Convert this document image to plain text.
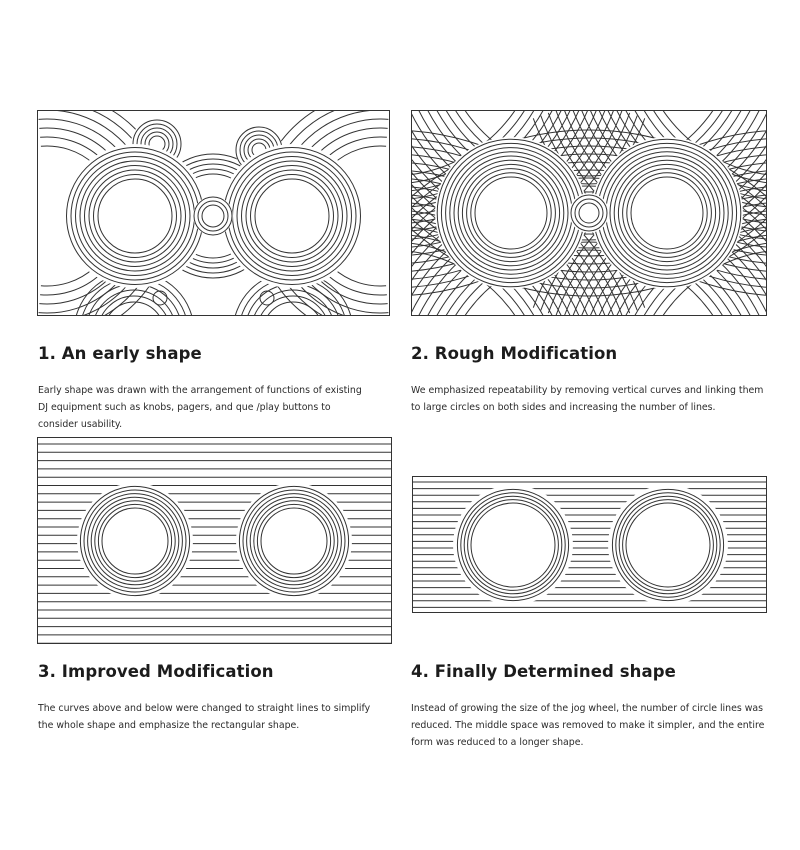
1. An early shape
Early shape was drawn with the arrangement of functions of existing DJ equipment such as knobs, pagers, and que /play buttons to consider usability.
2. Rough Modification
We emphasized repeatability by removing vertical curves and linking them to large circles on both sides and increasing the number of lines.
3. Improved Modification
The curves above and below were changed to straight lines to simplify the whole shape and emphasize the rectangular shape.
4. Finally Determined shape
Instead of growing the size of the jog wheel, the number of circle lines was reduced. The middle space was removed to make it simpler, and the entire form was reduced to a longer shape.
